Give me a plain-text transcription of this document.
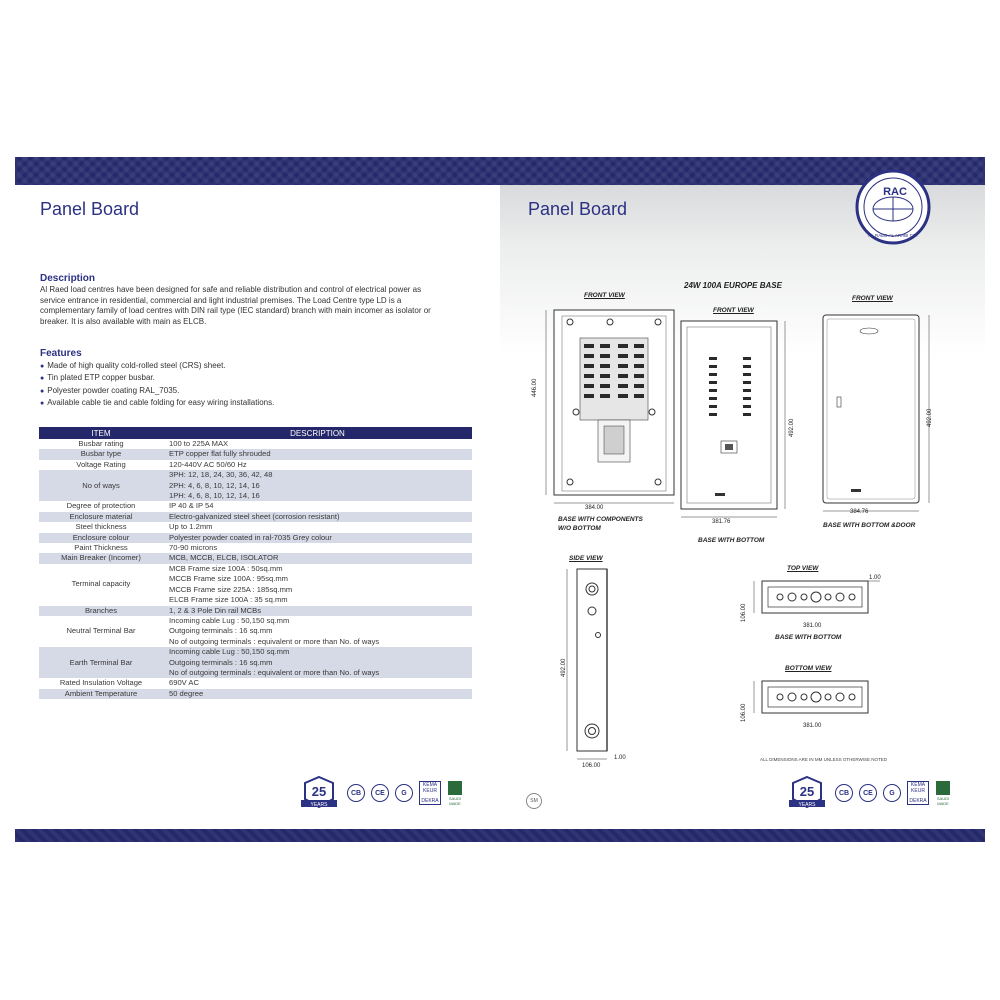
Panel Board
Description

Al Raed load centres have been designed for safe and reliable distribution and control of electrical power as service entrance in residential, commercial and light industrial premises. The Load Centre type LD is a complementary family of load centres with DIN rail type (IEC standard) branch with main incomer as isolator or breaker. It is also available with main as ELCB.

Features
● Made of high quality cold-rolled steel (CRS) sheet.
● Tin plated ETP copper busbar.
● Polyester powder coating RAL_7035.
● Available cable tie and cable folding for easy wiring installations.
ITEM	DESCRIPTION
Busbar rating	100 to 225A MAX

Busbar type	ETP copper flat fully shrouded

Voltage Rating	120-440V AC 50/60 Hz

No of ways	3PH: 12, 18, 24, 30, 36, 42, 48
2PH: 4, 6, 8, 10, 12, 14, 16
1PH: 4, 6, 8, 10, 12, 14, 16

Degree of protection	IP 40 & IP 54

Enclosure material	Electro-galvanized steel sheet (corrosion resistant)

Steel thickness	Up to 1.2mm

Enclosure colour	Polyester powder coated in ral-7035 Grey colour

Paint Thickness	70-90 microns

Main Breaker (Incomer)	MCB, MCCB, ELCB, ISOLATOR

Terminal capacity	MCB Frame size 100A : 50sq.mm
MCCB Frame size 100A : 95sq.mm
MCCB Frame size 225A : 185sq.mm
ELCB Frame size 100A : 35 sq.mm

Branches	1, 2 & 3 Pole Din rail MCBs

Neutral Terminal Bar	Incoming cable Lug : 50,150 sq.mm
Outgoing terminals : 16 sq.mm
No of outgoing terminals : equivalent or more than No. of ways

Earth Terminal Bar	Incoming cable Lug : 50,150 sq.mm
Outgoing terminals : 16 sq.mm
No of outgoing terminals : equivalent or more than No. of ways

Rated Insulation Voltage	690V AC

Ambient Temperature	50 degree
25
YEARS
CB	CE	G
KEMA KEUR
DEKRA	SAUDI MADE
Panel Board
RAC
AL RAED AL ARABI CO.
24W 100A EUROPE BASE
FRONT VIEW
446.00
384.00
BASE WITH COMPONENTS
W/O BOTTOM
FRONT VIEW
492.00
381.76
BASE WITH BOTTOM
FRONT VIEW
492.00
384.76
BASE WITH BOTTOM &DOOR
SIDE VIEW
492.00
106.00
1.00
TOP VIEW
1.00
106.00
381.00
BASE WITH BOTTOM
BOTTOM VIEW
106.00
381.00
ALL DIMENSIONS ARE IN MM UNLESS OTHERWISE NOTED
SM
25
YEARS
CB	CE	G
KEMA KEUR
DEKRA	SAUDI MADE
